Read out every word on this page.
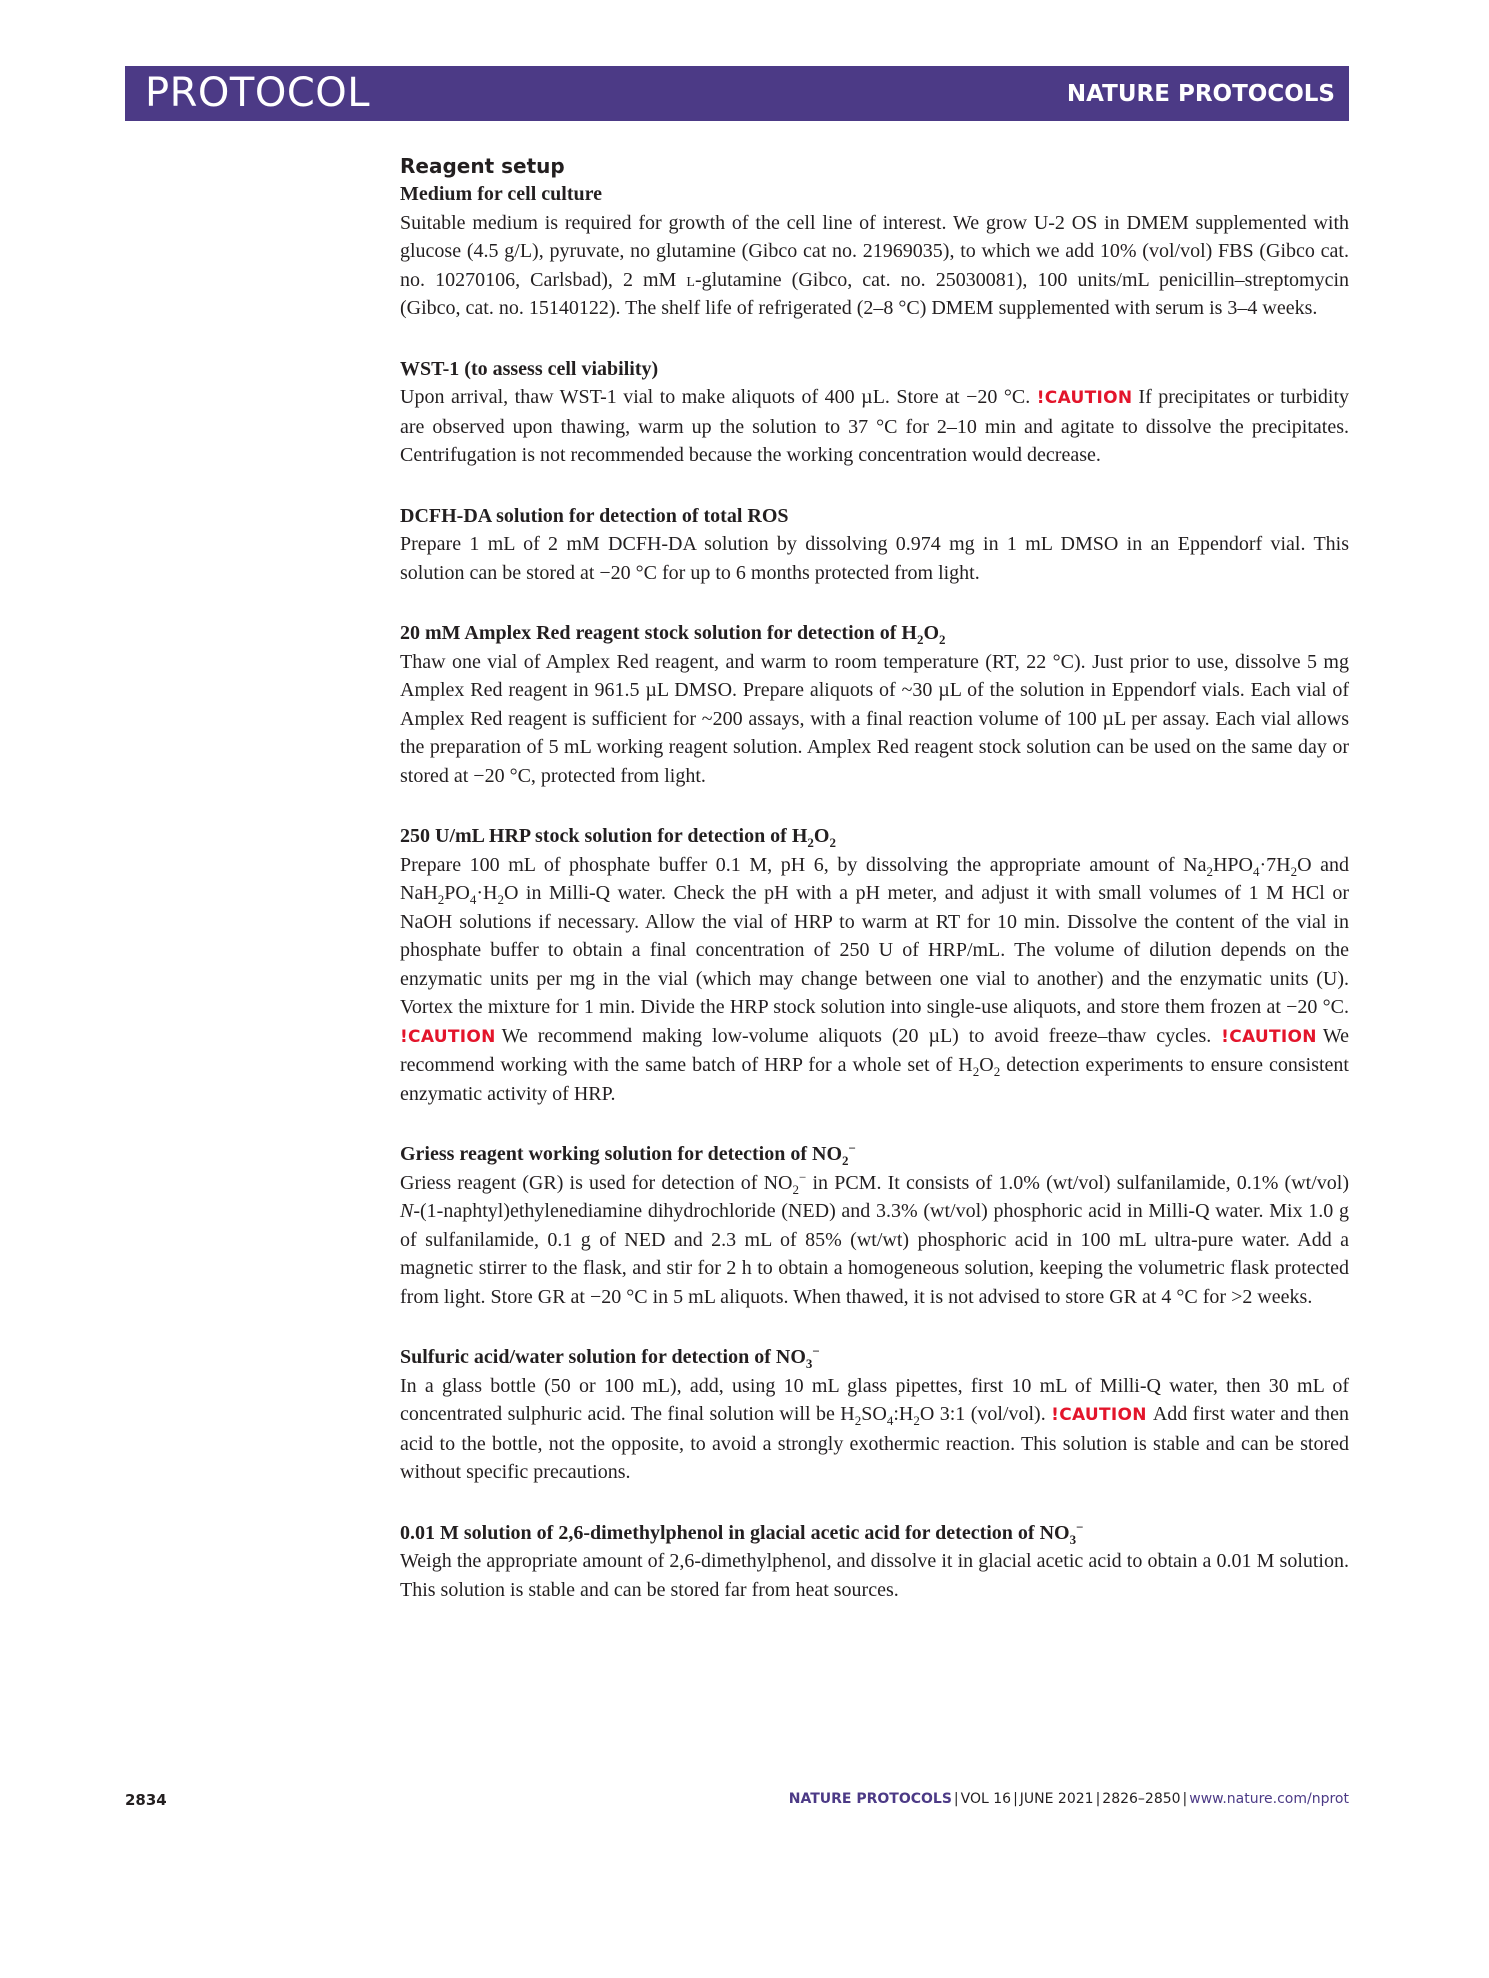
PROTOCOL	NATURE PROTOCOLS
Reagent setup

Medium for cell culture

Suitable medium is required for growth of the cell line of interest. We grow U-2 OS in DMEM supplemented with glucose (4.5 g/L), pyruvate, no glutamine (Gibco cat no. 21969035), to which we add 10% (vol/vol) FBS (Gibco cat. no. 10270106, Carlsbad), 2 mM l-glutamine (Gibco, cat. no. 25030081), 100 units/mL penicillin–streptomycin (Gibco, cat. no. 15140122). The shelf life of refrigerated (2–8 °C) DMEM supplemented with serum is 3–4 weeks.

WST-1 (to assess cell viability)

Upon arrival, thaw WST-1 vial to make aliquots of 400 µL. Store at −20 °C. !CAUTION If precipitates or turbidity are observed upon thawing, warm up the solution to 37 °C for 2–10 min and agitate to dissolve the precipitates. Centrifugation is not recommended because the working concentration would decrease.

DCFH-DA solution for detection of total ROS

Prepare 1 mL of 2 mM DCFH-DA solution by dissolving 0.974 mg in 1 mL DMSO in an Eppendorf vial. This solution can be stored at −20 °C for up to 6 months protected from light.

20 mM Amplex Red reagent stock solution for detection of $H_2O_2$

Thaw one vial of Amplex Red reagent, and warm to room temperature (RT, 22 °C). Just prior to use, dissolve 5 mg Amplex Red reagent in 961.5 µL DMSO. Prepare aliquots of ~30 µL of the solution in Eppendorf vials. Each vial of Amplex Red reagent is sufficient for ~200 assays, with a final reaction volume of 100 µL per assay. Each vial allows the preparation of 5 mL working reagent solution. Amplex Red reagent stock solution can be used on the same day or stored at −20 °C, protected from light.

250 U/mL HRP stock solution for detection of $H_2O_2$

Prepare 100 mL of phosphate buffer 0.1 M, pH 6, by dissolving the appropriate amount of $Na_2HPO_4\cdot 7H_2O$ and $NaH_2PO_4\cdot H_2O$ in Milli-Q water. Check the pH with a pH meter, and adjust it with small volumes of 1 M HCl or NaOH solutions if necessary. Allow the vial of HRP to warm at RT for 10 min. Dissolve the content of the vial in phosphate buffer to obtain a final concentration of 250 U of HRP/mL. The volume of dilution depends on the enzymatic units per mg in the vial (which may change between one vial to another) and the enzymatic units (U). Vortex the mixture for 1 min. Divide the HRP stock solution into single-use aliquots, and store them frozen at −20 °C. !CAUTION We recommend making low-volume aliquots (20 µL) to avoid freeze–thaw cycles. !CAUTION We recommend working with the same batch of HRP for a whole set of $H_2O_2$ detection experiments to ensure consistent enzymatic activity of HRP.

Griess reagent working solution for detection of $NO_2^-$

Griess reagent (GR) is used for detection of $NO_2^-$ in PCM. It consists of 1.0% (wt/vol) sulfanilamide, 0.1% (wt/vol) N-(1-naphtyl)ethylenediamine dihydrochloride (NED) and 3.3% (wt/vol) phosphoric acid in Milli-Q water. Mix 1.0 g of sulfanilamide, 0.1 g of NED and 2.3 mL of 85% (wt/wt) phosphoric acid in 100 mL ultra-pure water. Add a magnetic stirrer to the flask, and stir for 2 h to obtain a homogeneous solution, keeping the volumetric flask protected from light. Store GR at −20 °C in 5 mL aliquots. When thawed, it is not advised to store GR at 4 °C for >2 weeks.

Sulfuric acid/water solution for detection of $NO_3^-$

In a glass bottle (50 or 100 mL), add, using 10 mL glass pipettes, first 10 mL of Milli-Q water, then 30 mL of concentrated sulphuric acid. The final solution will be $H_2SO_4:H_2O$ 3:1 (vol/vol). !CAUTION Add first water and then acid to the bottle, not the opposite, to avoid a strongly exothermic reaction. This solution is stable and can be stored without specific precautions.

0.01 M solution of 2,6-dimethylphenol in glacial acetic acid for detection of $NO_3^-$

Weigh the appropriate amount of 2,6-dimethylphenol, and dissolve it in glacial acetic acid to obtain a 0.01 M solution. This solution is stable and can be stored far from heat sources.

2834	NATURE PROTOCOLS | VOL 16 | JUNE 2021 | 2826–2850 | www.nature.com/nprot
